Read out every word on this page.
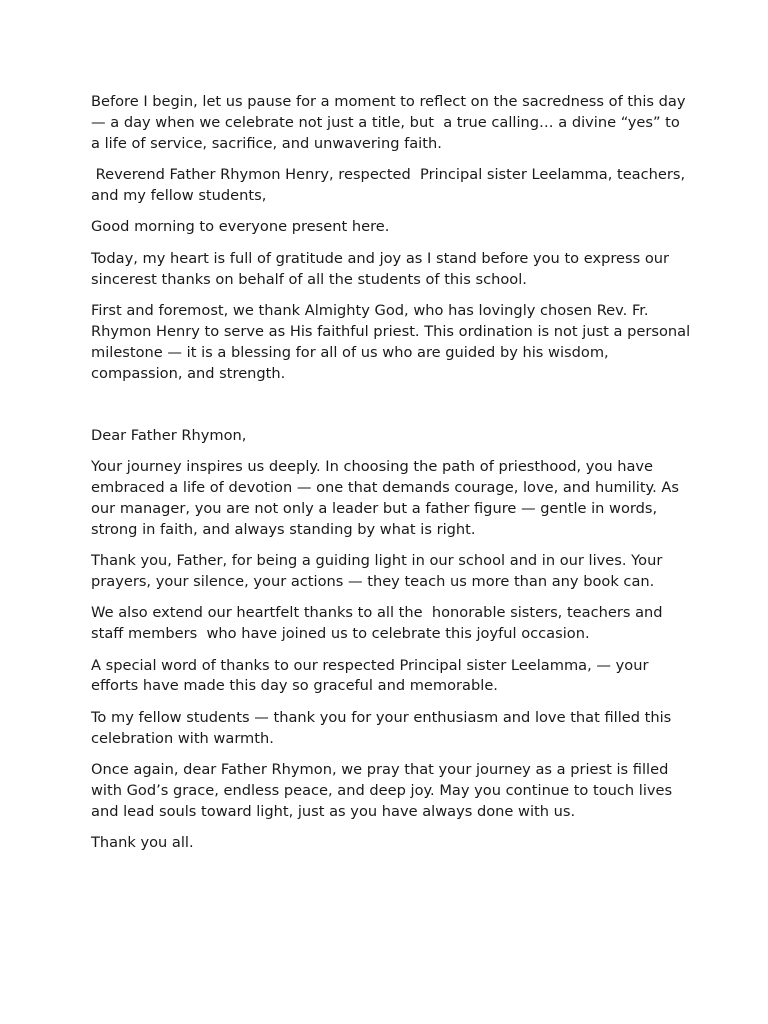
Before I begin, let us pause for a moment to reflect on the sacredness of this day — a day when we celebrate not just a title, but  a true calling… a divine “yes” to a life of service, sacrifice, and unwavering faith.

Reverend Father Rhymon Henry, respected  Principal sister Leelamma, teachers, and my fellow students,

Good morning to everyone present here.

Today, my heart is full of gratitude and joy as I stand before you to express our sincerest thanks on behalf of all the students of this school.

First and foremost, we thank Almighty God, who has lovingly chosen Rev. Fr. Rhymon Henry to serve as His faithful priest. This ordination is not just a personal milestone — it is a blessing for all of us who are guided by his wisdom, compassion, and strength.

Dear Father Rhymon,

Your journey inspires us deeply. In choosing the path of priesthood, you have embraced a life of devotion — one that demands courage, love, and humility. As our manager, you are not only a leader but a father figure — gentle in words, strong in faith, and always standing by what is right.

Thank you, Father, for being a guiding light in our school and in our lives. Your prayers, your silence, your actions — they teach us more than any book can.

We also extend our heartfelt thanks to all the  honorable sisters, teachers and staff members  who have joined us to celebrate this joyful occasion.

A special word of thanks to our respected Principal sister Leelamma, — your efforts have made this day so graceful and memorable.

To my fellow students — thank you for your enthusiasm and love that filled this celebration with warmth.

Once again, dear Father Rhymon, we pray that your journey as a priest is filled with God’s grace, endless peace, and deep joy. May you continue to touch lives and lead souls toward light, just as you have always done with us.

Thank you all.
